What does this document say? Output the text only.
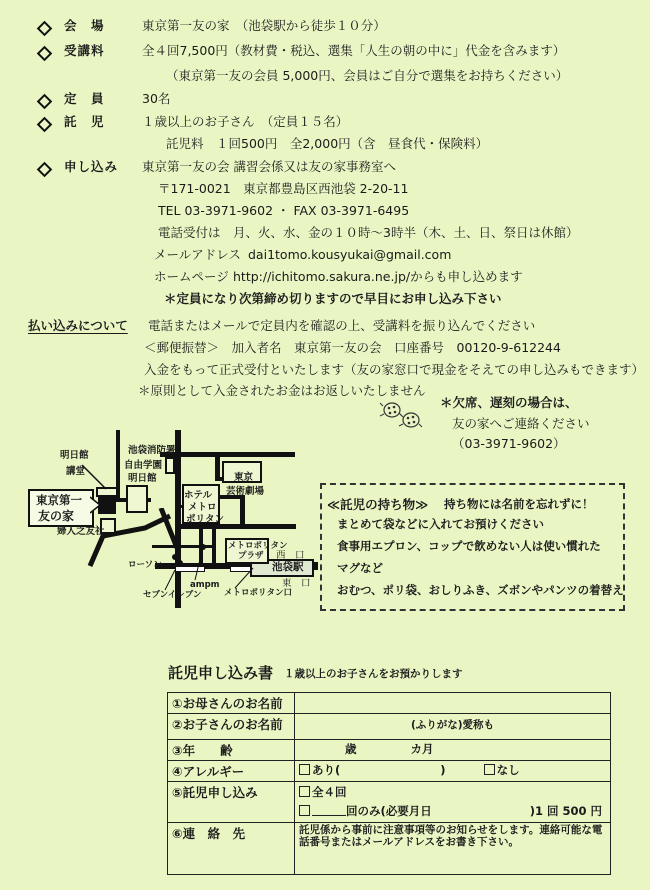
会　場	東京第一友の家　（池袋駅から徒歩１０分）
受講料	全４回7,500円（教材費・税込、選集「人生の朝の中に」代金を含みます）
（東京第一友の会員 5,000円、会員はご自分で選集をお持ちください）
定　員	30名
託　児	１歳以上のお子さん　（定員１５名）
託児料　１回500円　全2,000円（含　昼食代・保険料）
申し込み 東京第一友の会 講習会係又は友の家事務室へ
〒171-0021　東京都豊島区西池袋 2-20-11
TEL 03-3971-9602 ・ FAX 03-3971-6495
電話受付は　月、火、水、金の１０時～3時半（木、土、日、祭日は休館）
メールアドレス dai1tomo.kousyukai@gmail.com
ホームページ http://ichitomo.sakura.ne.jp/からも申し込めます
＊定員になり次第締め切りますので早目にお申し込み下さい
払い込みについて 電話またはメールで定員内を確認の上、受講料を振り込んでください
＜郵便振替＞　加入者名　東京第一友の会　口座番号　00120-9-612244
入金をもって正式受付といたします（友の家窓口で現金をそえての申し込みもできます）
＊原則として入金されたお金はお返しいたしません
＊欠席、遅刻の場合は、
友の家へご連絡ください
（03-3971-9602）
池袋駅
東京第一
友の家
明日館
講堂
婦人之友社
池袋消防署
自由学園
明日館
ホテル
メトロ
ポリタン
東京
芸術劇場
メトロポリタン
プラザ 西　口
東　口
ローソン
ampm
セブンイレブン	メトロポリタン口
≪託児の持ち物≫ 持ち物には名前を忘れずに！
まとめて袋などに入れてお預けください
食事用エプロン、コップで飲めない人は使い慣れた
マグなど
おむつ、ポリ袋、おしりふき、ズボンやパンツの着替え
託児申し込み書 １歳以上のお子さんをお預かりします
①お母さんのお名前	
②お子さんのお名前	(ふりがな)愛称も
③年　　齢	歳 カ月
④アレルギー	あり( ) なし
⑤託児申し込み	全４回
回のみ(必要月日 )1 回 500 円

⑥連　絡　先	託児係から事前に注意事項等のお知らせをします。連絡可能な電話番号またはメールアドレスをお書き下さい。
